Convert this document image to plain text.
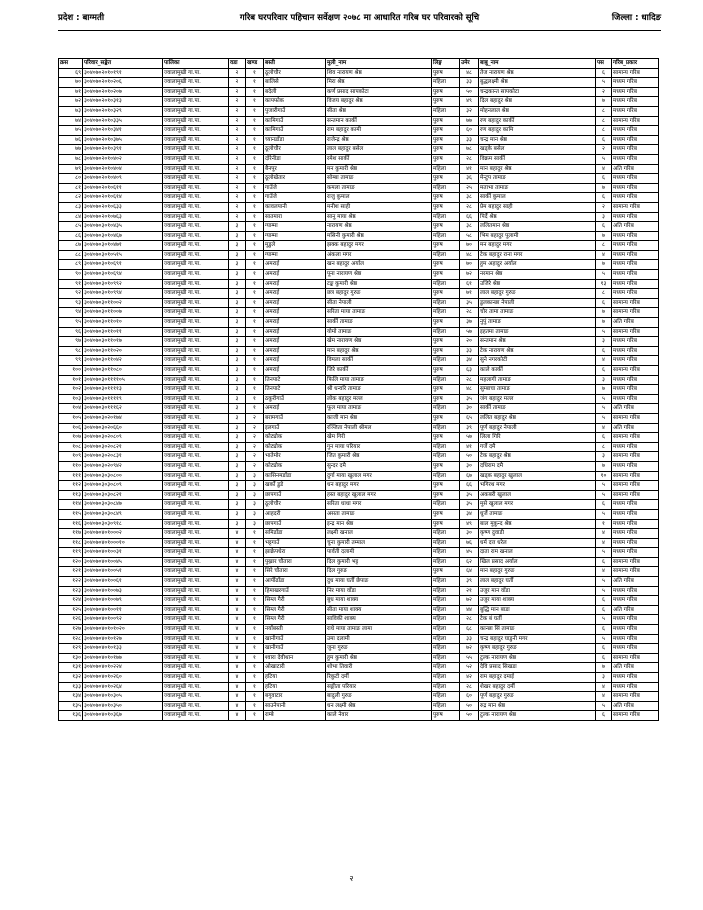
प्रदेश : बाग्मती	गरिब घरपरिवार पहिचान सर्वेक्षण २०७८ मा आधारित गरिब घर परिवारको सूचि	जिल्ला : धादिङ
क्रस	परिवार_सङ्केत	पालिका	वडा	खण्ड	बस्ती	मुली_नाम	लिङ्ग	उमेर	बाबु_नाम	पस	गरिब_प्रकार
६९	३०४०७०२०१०१९१	ज्वालामुखी गा.पा.	२	१	ठूलोचौर	शिव नारायण श्रेष्ठ	पुरुष	४८	तेज नारायण श्रेष्ठ	६	सामान्य गरिब
७०	३०४०७०२०१०२०६	ज्वालामुखी गा.पा.	२	१	बालिसे	मिरा श्रेष्ठ	महिला	३३	बुद्धलक्ष्मी श्रेष्ठ	५	मध्यम गरिब
७१	३०४०७०२०१०२०७	ज्वालामुखी गा.पा.	२	१	बदेली	कर्ण प्रसाद सापकोटा	पुरुष	५०	चन्द्रकान्त सापकोटा	२	मध्यम गरिब
७२	३०४०७०२०१०३१३	ज्वालामुखी गा.पा.	२	१	कापफोक	विजय बहादुर श्रेष्ठ	पुरुष	४९	दिल बहादुर श्रेष्ठ	७	मध्यम गरिब
७३	३०४०७०२०१०३२९	ज्वालामुखी गा.पा.	२	१	पुजारीगाउँ	सीता श्रेष्ठ	महिला	३२	मोहनलाल श्रेष्ठ	८	मध्यम गरिब
७४	३०४०७०२०१०३३५	ज्वालामुखी गा.पा.	२	१	कामिगाउँ	सन्तमान कार्की	पुरुष	७७	रण बहादुर कार्की	८	सामान्य गरिब
७५	३०४०७०२०१०३४१	ज्वालामुखी गा.पा.	२	१	कामिगाउँ	राम बहादुर कामी	पुरुष	६०	रण बहादुर कामि	८	मध्यम गरिब
७६	३०४०७०२०१०३७५	ज्वालामुखी गा.पा.	२	१	च्यानडाँडा	राजेन्द्र श्रेष्ठ	पुरुष	३३	चन्द्र मान श्रेष्ठ	६	मध्यम गरिब
७७	३०४०७०२०१०३९१	ज्वालामुखी गा.पा.	२	१	ठूलोचौर	लाल बहादुर बसेल	पुरुष	७८	खड्के बसेल	२	मध्यम गरिब
७८	३०४०७०२०१०४०२	ज्वालामुखी गा.पा.	२	१	दोरेनीडा	रमेश सार्की	पुरुष	२८	विक्रम सार्की	५	मध्यम गरिब
७९	३०४०७०२०१०४०४	ज्वालामुखी गा.पा.	२	१	बैनपुर	मन कुमारी श्रेष्ठ	महिला	४१	मान बहादुर श्रेष्ठ	४	अति गरिब
८०	३०४०७०२०१०४०९	ज्वालामुखी गा.पा.	२	१	ठूलोखेतार	सोम्बा तामाङ	पुरुष	३६	मेन्टुप तामाङ	६	मध्यम गरिब
८१	३०४०७०२०१०६११	ज्वालामुखी गा.पा.	२	१	गाउँजे	कमला तामाङ	महिला	२५	मताभा तामाङ	७	मध्यम गरिब
८२	३०४०७०२०१०६१४	ज्वालामुखी गा.पा.	२	१	गाउँजे	राजु कुमाल	पुरुष	३८	सार्की कुमाल	६	मध्यम गरिब
८३	३०४०७०२०१०६३३	ज्वालामुखी गा.पा.	२	१	कावलपानी	मनीश साही	पुरुष	२८	प्रेम बहादुर साही	२	सामान्य गरिब
८४	३०४०७०२०१०७६३	ज्वालामुखी गा.पा.	२	१	सातमारा	सानु माया श्रेष्ठ	महिला	६६	पिर्दे श्रेष्ठ	३	मध्यम गरिब
८५	३०४०७०३०१०४३५	ज्वालामुखी गा.पा.	३	१	ग्याम्मा	नारायण श्रेष्ठ	पुरुष	३८	ललितमान श्रेष्ठ	६	अति गरिब
८६	३०४०७०३०१०४६७	ज्वालामुखी गा.पा.	३	१	ग्याम्मा	मसिनी कुमारी श्रेष्ठ	महिला	५८	भिम बहादुर पुलामी	७	मध्यम गरिब
८७	३०४०७०३०१०४७१	ज्वालामुखी गा.पा.	३	१	मुडुले	झक्क बहादुर मगर	पुरुष	७०	मन बहादुर मगर	८	मध्यम गरिब
८८	३०४०७०३०१०५१५	ज्वालामुखी गा.पा.	३	१	ग्याम्मा	अंकला मगर	महिला	४८	टेक बहादुर राना मगर	४	मध्यम गरिब
८९	३०४०७०३०१०६९१	ज्वालामुखी गा.पा.	३	१	अमराई	खन बहादुर अर्याल	पुरुष	७०	हुम अहादुर अर्याल	७	मध्यम गरिब
९०	३०४०७०३०१०६९४	ज्वालामुखी गा.पा.	३	१	अमराई	पूना नारायण श्रेष्ठ	पुरुष	७२	नरमान श्रेष्ठ	५	मध्यम गरिब
९१	३०४०७०३०१०९९२	ज्वालामुखी गा.पा.	३	१	अमराई	टङ्क कुमारी श्रेष्ठ	महिला	६१	उजिरे श्रेष्ठ	१३	मध्यम गरिब
९२	३०४०७०३०१०९९४	ज्वालामुखी गा.पा.	३	१	अमराई	छत्र बहादुर गुरुङ	पुरुष	७१	लाल बहादुर गुरुङ	८	मध्यम गरिब
९३	३०४०७०३०११००२	ज्वालामुखी गा.पा.	३	१	अमराई	सीता नेपाली	महिला	३५	डुलकान्छा नेपाली	६	सामान्य गरिब
९४	३०४०७०३०११००७	ज्वालामुखी गा.पा.	३	१	अमराई	सरिता माया तामाङ	महिला	२८	चोर तामा तामाङ	७	सामान्य गरिब
९५	३०४०७०३०११०१०	ज्वालामुखी गा.पा.	३	१	अमराई	सार्की तामाङ	पुरुष	३७	नुपुं तामाङ	७	अति गरिब
९६	३०४०७०३०११०११	ज्वालामुखी गा.पा.	३	१	अमराई	योमो तामाङ	महिला	५७	इहतमा तामाङ	५	सामान्य गरिब
९७	३०४०७०३०११०१७	ज्वालामुखी गा.पा.	३	१	अमराई	खेम नारायण श्रेष्ठ	पुरुष	२०	सन्तमान श्रेष्ठ	३	मध्यम गरिब
९८	३०४०७०३०११०२०	ज्वालामुखी गा.पा.	३	१	अमराई	मान बहादुर श्रेष्ठ	पुरुष	३३	टेक नारायण श्रेष्ठ	६	मध्यम गरिब
९९	३०४०७०३०११०४२	ज्वालामुखी गा.पा.	३	१	अमराई	विमला सार्की	महिला	३४	सुने नगरकोटी	४	मध्यम गरिब
१००	३०४०७०३०११०८०	ज्वालामुखी गा.पा.	३	१	अमराई	जिरे कार्की	पुरुष	६३	काले कार्की	६	सामान्य गरिब
१०१	३०४०७०३०११११०५	ज्वालामुखी गा.पा.	३	१	तिनपाटे	फिलि माया तामाङ	महिला	२८	महलागी तामाङ	३	मध्यम गरिब
१०२	३०४०७०३०११११३	ज्वालामुखी गा.पा.	३	१	तिनपाटे	श्री धन्वरि तामाङ	पुरुष	४८	सुम्बाचा तामाङ	७	मध्यम गरिब
१०३	३०४०७०३०११११९	ज्वालामुखी गा.पा.	३	१	ठकुरीगाउँ	लोक बहादुर मल्ल	पुरुष	३५	जंग बहादुर मल्ल	५	मध्यम गरिब
१०४	३०४०७०३०१११६२	ज्वालामुखी गा.पा.	३	१	अमराई	फूल माया तामाङ	महिला	३०	सार्की तामाङ	५	अति गरिब
१०५	३०४०७०३०२०१७४	ज्वालामुखी गा.पा.	३	२	बरामगाउँ	काजी मान श्रेष्ठ	पुरुष	६५	ललित बहादुर श्रेष्ठ	५	सामान्य गरिब
१०६	३०४०७०३०२०६६०	ज्वालामुखी गा.पा.	३	२	इलगाउँ	रञ्जिता नेपाली श्रीमल	महिला	३९	पूर्ण बहादुर नेपाली	४	अति गरिब
१०७	३०४०७०३०२०८०९	ज्वालामुखी गा.पा.	३	२	कोट्योक	खेम गिरी	पुरुष	५७	लिला गिरि	६	सामान्य गरिब
१०८	३०४०७०३०२०८२१	ज्वालामुखी गा.पा.	३	२	कोट्योक	गुन माया परियार	महिला	४१	गर्जे दमै	८	मध्यम गरिब
१०९	३०४०७०३०२०८३१	ज्वालामुखी गा.पा.	३	२	भातेमोर	जित कुमारी श्रेष्ठ	महिला	५०	टेक बहादुर श्रेष्ठ	३	सामान्य गरिब
११०	३०४०७०३०२०९४२	ज्वालामुखी गा.पा.	३	२	कोट्योक	सुन्दर दमै	पुरुष	३०	दधिराम दमै	७	मध्यम गरिब
१११	३०४०७०३०३०८००	ज्वालामुखी गा.पा.	३	३	कासिनमडाँडा	दुर्गा माया खुलाल मगर	महिला	६७	खड्क बहादुर खुलाल	१०	सामान्य गरिब
११२	३०४०७०३०३०८०९	ज्वालामुखी गा.पा.	३	३	खर्को डुडे	धन बहादुर मगर	पुरुष	६६	भगिरथ मगर	५	सामान्य गरिब
११३	३०४०७०३०३०८२१	ज्वालामुखी गा.पा.	३	३	छापगाउँ	हस्त बहादुर खुलाल मगर	पुरुष	३५	अकबरी खुलाल	५	सामान्य गरिब
११४	३०४०७०३०३०८४७	ज्वालामुखी गा.पा.	३	३	ठूलोचौर	सरिता धाधा मगर	महिला	३५	मुसे खुलाल मगर	६	मध्यम गरिब
११५	३०४०७०३०३०८४९	ज्वालामुखी गा.पा.	३	३	आहदरी	असता तामाङ	पुरुष	३४	धुर्जे तामाङ	५	मध्यम गरिब
११६	३०४०७०३०३०९१८	ज्वालामुखी गा.पा.	३	३	छापगाउँ	इन्द्र मान श्रेष्ठ	पुरुष	४९	बाल मुकुन्द श्रेष्ठ	१	मध्यम गरिब
११७	३०४०७०४०१०००२	ज्वालामुखी गा.पा.	४	१	समिडाँडा	लक्ष्मी खनाल	महिला	३०	कृष्ण दुवाडी	४	मध्यम गरिब
११८	३०४०७०४०१०००१०	ज्वालामुखी गा.पा.	४	१	भट्टगाउँ	चुना कुमारी तम्माल	महिला	७६	धर्म दत्त धरेल	४	मध्यम गरिब
११९	३०४०७०४०१००३१	ज्वालामुखी गा.पा.	४	१	झाक्रेपधेरा	पार्वती दलामी	महिला	४५	दाता राम खनाल	५	मध्यम गरिब
१२०	३०४०७०४०१००४५	ज्वालामुखी गा.पा.	४	१	पुख्रार चौतारा	दिल कुमारी भट्ट	महिला	६२	खिल प्रसाद अर्याल	६	सामान्य गरिब
१२१	३०४०७०४०१००५१	ज्वालामुखी गा.पा.	४	१	सिरे चौतारा	दिल गुरुङ	पुरुष	६४	मान बहादुर गुरुङ	४	सामान्य गरिब
१२२	३०४०७०४०१००६१	ज्वालामुखी गा.पा.	४	१	आर्पीढाँडा	दुध माया घर्ती छेपाङ	महिला	३९	लाल बहादुर घर्ती	५	अति गरिब
१२३	३०४०७०४०१००७३	ज्वालामुखी गा.पा.	४	१	हिमाखरगाउँ	निर माया वाँडा	महिला	२१	उजुर मान वाँडा	५	मध्यम गरिब
१२४	३०४०७०४०१००७९	ज्वालामुखी गा.पा.	४	१	सिम्ल गैरी	बुध माया शाक्य	महिला	७२	उजुर माया शाक्य	६	मध्यम गरिब
१२५	३०४०७०४०१००११	ज्वालामुखी गा.पा.	४	१	सिम्ल गैरी	सीता माया शाक्य	महिला	४४	बुद्धि मान बाडा	६	अति गरिब
१२६	३०४०७०४०१००९२	ज्वालामुखी गा.पा.	४	१	सिम्ल गैरी	साविकी शाक्य	महिला	२८	टेक बं घर्ती	५	मध्यम गरिब
१२७	३०४०७०४०१०१०२०	ज्वालामुखी गा.पा.	४	१	नयाँबस्ती	राधे माया तामाङ लामा	महिला	६८	कान्छा सिं तामाङ	६	मध्यम गरिब
१२८	३०४०७०४०१०१२७	ज्वालामुखी गा.पा.	४	१	खानीगाउँ	उमा दलामी	महिला	३३	चन्द्र बहादुर घाडुनी मगर	५	मध्यम गरिब
१२९	३०४०७०४०१०१३३	ज्वालामुखी गा.पा.	४	१	खानीगाउँ	जुना गुरुङ	महिला	७२	कृष्ण बहादुर गुरुङ	६	मध्यम गरिब
१३०	३०४०७०४०१०१७७	ज्वालामुखी गा.पा.	४	१	श्वारा देवीथान	हुम कुमारी श्रेष्ठ	महिला	५५	टुल्क नारायण श्रेष्ठ	६	सामान्य गरिब
१३१	३०४०७०४०१०२२४	ज्वालामुखी गा.पा.	४	१	ओखाटारी	शोभा तिवारी	महिला	५२	देवि प्रसाद सिखडा	७	अति गरिब
१३२	३०४०७०४०१०२६०	ज्वालामुखी गा.पा.	४	१	हटिया	रिकुटी दर्मी	महिला	४२	राम बहादुर दमाई	३	मध्यम गरिब
१३३	३०४०७०४०१०२६४	ज्वालामुखी गा.पा.	४	१	हटिया	सङ्गीता परियार	महिला	२८	शेखर बहादुर दर्मी	४	मध्यम गरिब
१३४	३०४०७०४०१०३०५	ज्वालामुखी गा.पा.	४	१	बगुवाटार	बादुली गुरुङ	महिला	६०	पूर्ण बहादुर गुरुङ	४	सामान्य गरिब
१३५	३०४०७०४०१०३५०	ज्वालामुखी गा.पा.	४	१	साउनेपानी	धन लक्ष्मी श्रेष्ठ	महिला	५०	रुद्र मान श्रेष्ठ	५	अति गरिब
१३६	३०४०७०४०१०३६७	ज्वालामुखी गा.पा.	४	१	राम्बे	काले नेवार	पुरुष	५०	टुल्क नारायण श्रेष्ठ	६	सामान्य गरिब
२
